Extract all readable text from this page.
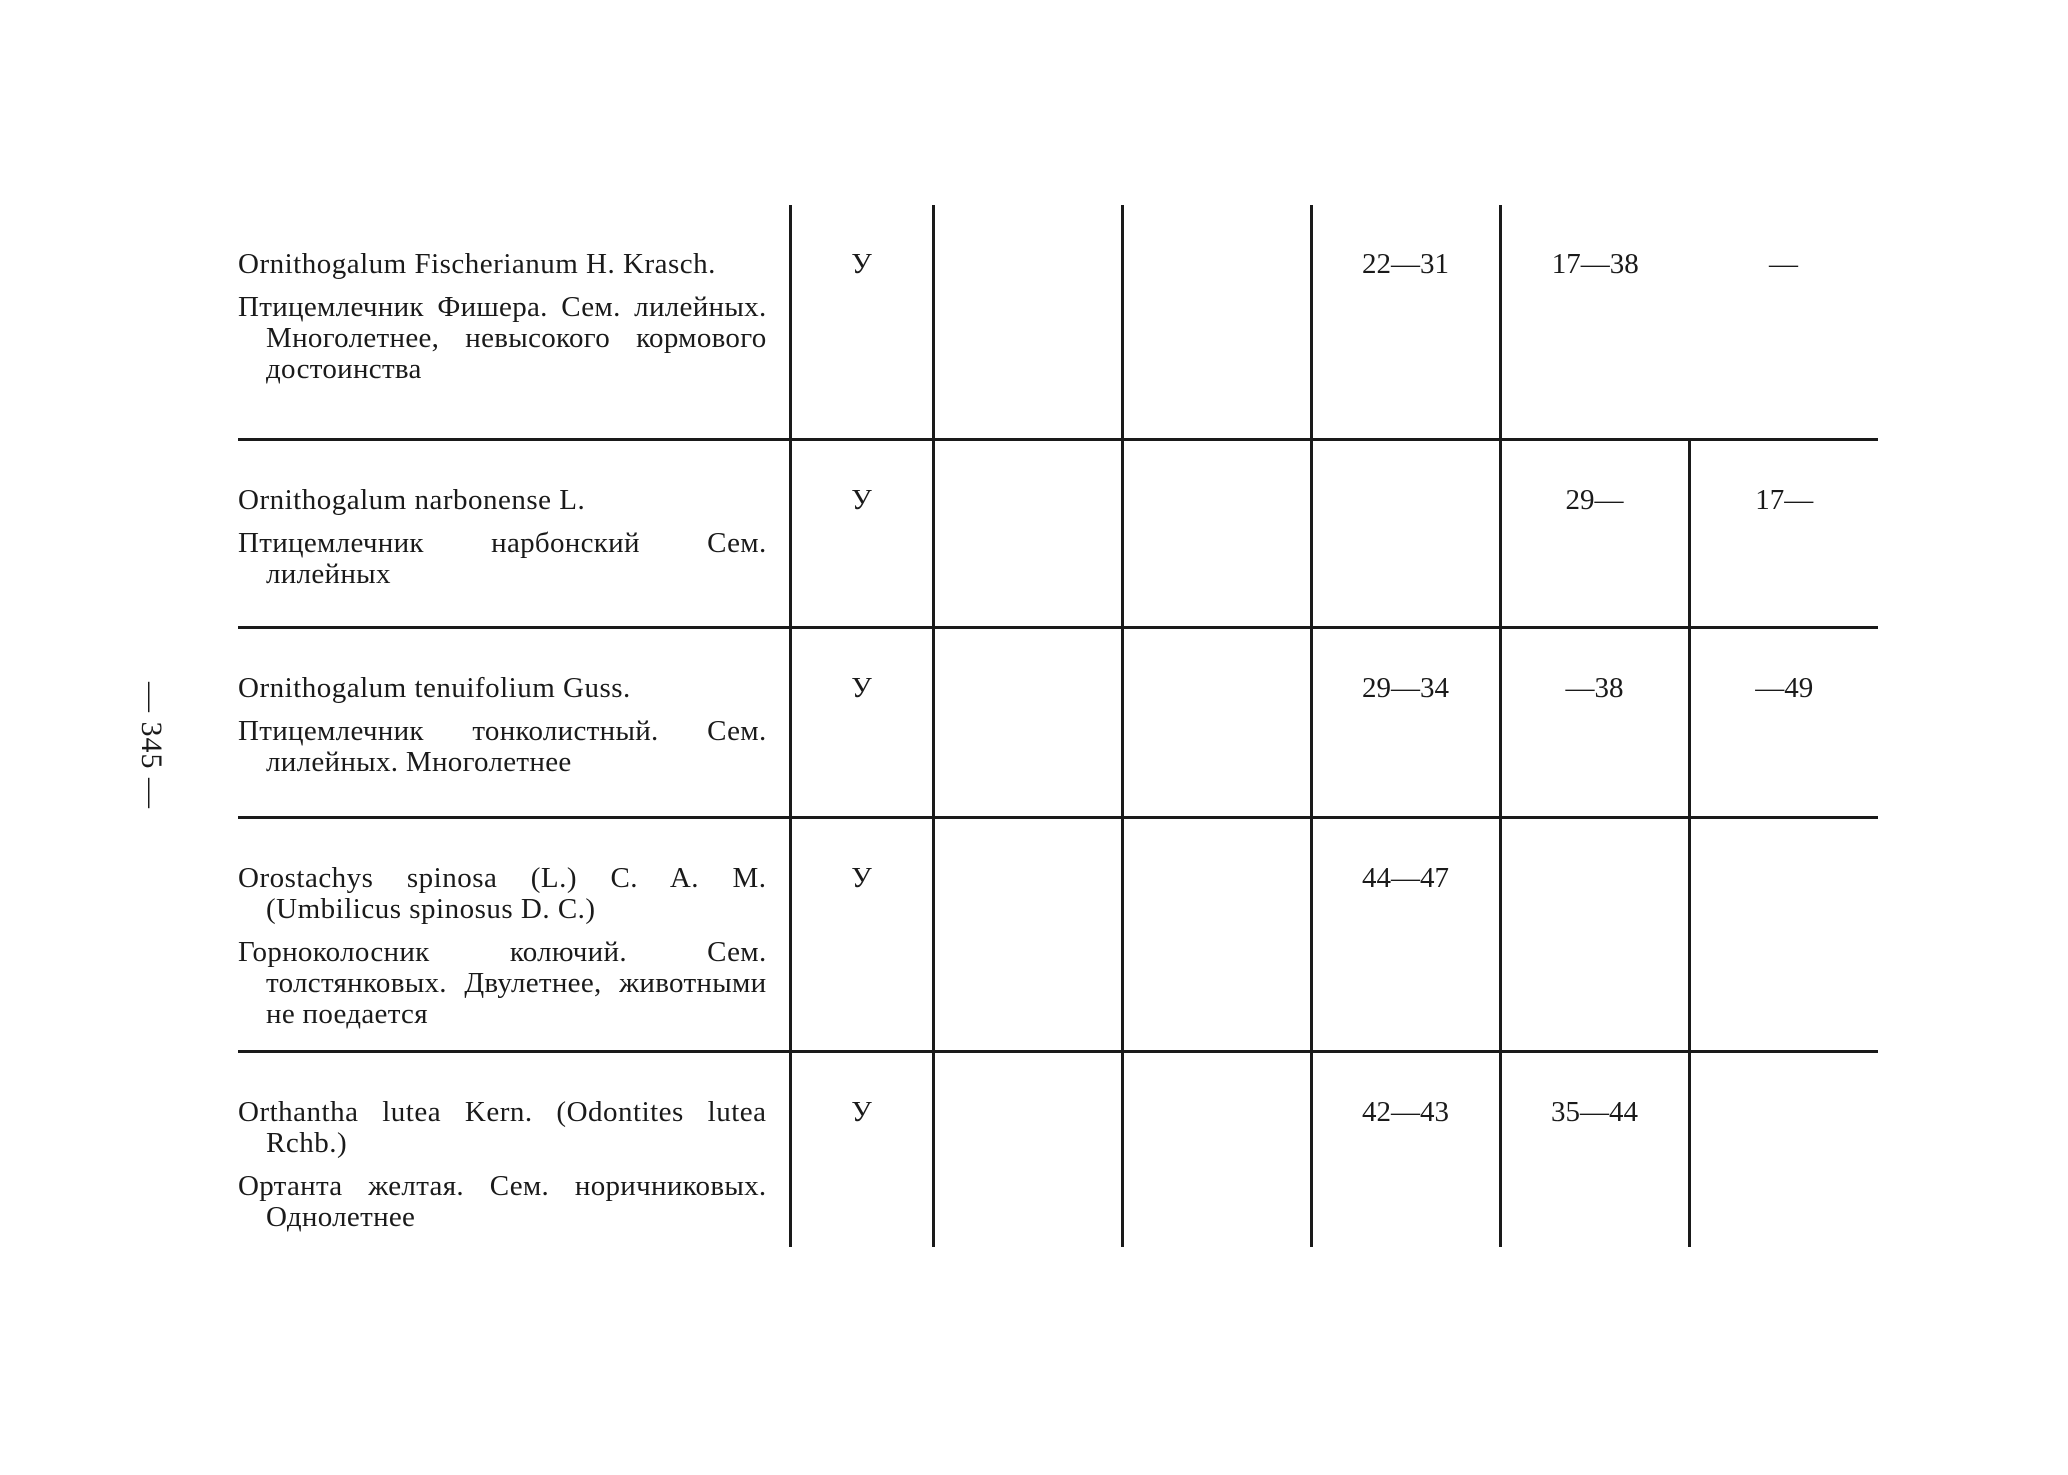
— 345 —

Ornithogalum Fischerianum H. Krasch.

Птицемлечник Фишера. Сем. лилейных. Многолетнее, невысокого кормового достоинства	У			22—31	17—38	—

Ornithogalum narbonense L.

Птицемлечник нарбонский Сем. лилейных	У				29—	17—

Ornithogalum tenuifolium Guss.

Птицемлечник тонколистный. Сем. лилейных. Многолетнее	У			29—34	—38	—49

Orostachys spinosa (L.) C. A. M. (Umbilicus spinosus D. C.)

Горноколосник колючий. Сем. толстянковых. Двулетнее, животными не поедается	У			44—47		

Orthantha lutea Kern. (Odontites lutea Rchb.)

Ортанта желтая. Сем. норичниковых. Однолетнее	У			42—43	35—44	
